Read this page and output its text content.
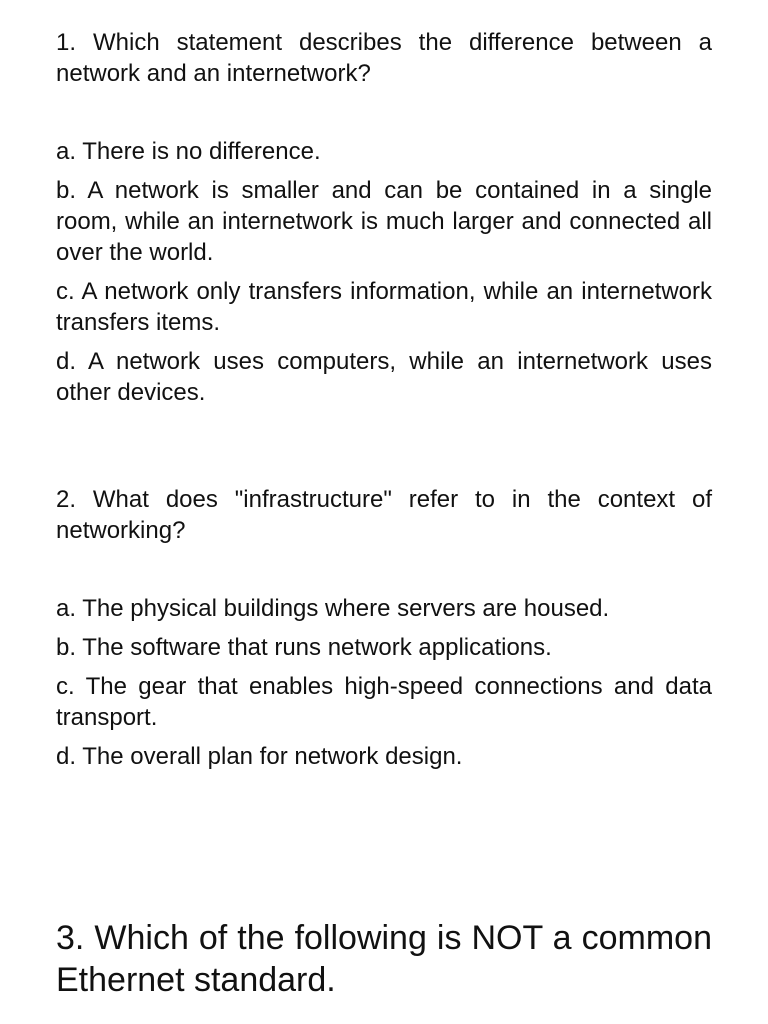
1. Which statement describes the difference between a network and an internetwork?

a. There is no difference.

b. A network is smaller and can be contained in a single room, while an internetwork is much larger and connected all over the world.

c. A network only transfers information, while an internetwork transfers items.

d. A network uses computers, while an internetwork uses other devices.

2. What does "infrastructure" refer to in the context of networking?

a. The physical buildings where servers are housed.

b. The software that runs network applications.

c. The gear that enables high-speed connections and data transport.

d. The overall plan for network design.

3. Which of the following is NOT a common Ethernet standard.
